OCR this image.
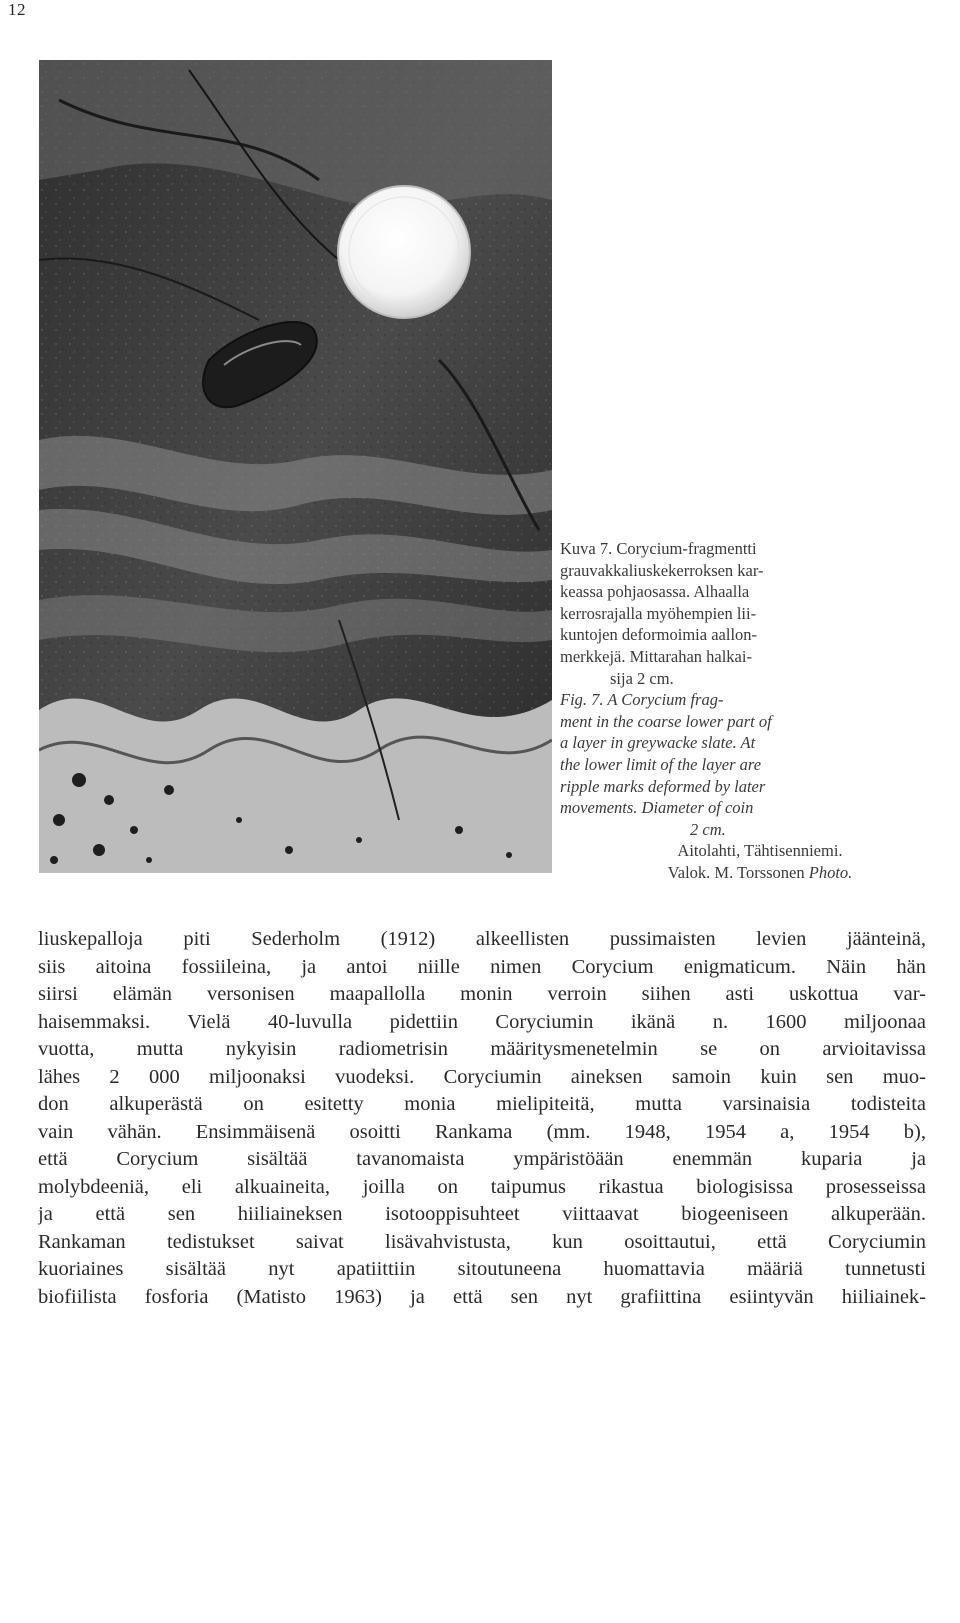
12

Kuva 7. Corycium-fragmentti
grauvakkaliuskekerroksen kar-
keassa pohjaosassa. Alhaalla
kerrosrajalla myöhempien lii-
kuntojen deformoimia aallon-
merkkejä. Mittarahan halkai-
sija 2 cm.

Fig. 7. A Corycium frag-
ment in the coarse lower part of
a layer in greywacke slate. At
the lower limit of the layer are
ripple marks deformed by later
movements. Diameter of coin
2 cm.

Aitolahti, Tähtisenniemi.
Valok. M. Torssonen Photo.

liuskepalloja piti Sederholm (1912) alkeellisten pussimaisten levien jäänteinä,
siis aitoina fossiileina, ja antoi niille nimen Corycium enigmaticum. Näin hän
siirsi elämän versonisen maapallolla monin verroin siihen asti uskottua var-
haisemmaksi. Vielä 40-luvulla pidettiin Coryciumin ikänä n. 1600 miljoonaa
vuotta, mutta nykyisin radiometrisin määritysmenetelmin se on arvioitavissa
lähes 2 000 miljoonaksi vuodeksi. Coryciumin aineksen samoin kuin sen muo-
don alkuperästä on esitetty monia mielipiteitä, mutta varsinaisia todisteita
vain vähän. Ensimmäisenä osoitti Rankama (mm. 1948, 1954 a, 1954 b),
että Corycium sisältää tavanomaista ympäristöään enemmän kuparia ja
molybdeeniä, eli alkuaineita, joilla on taipumus rikastua biologisissa prosesseissa
ja että sen hiiliaineksen isotooppisuhteet viittaavat biogeeniseen alkuperään.
Rankaman tedistukset saivat lisävahvistusta, kun osoittautui, että Coryciumin
kuoriaines sisältää nyt apatiittiin sitoutuneena huomattavia määriä tunnetusti
biofiilista fosforia (Matisto 1963) ja että sen nyt grafiittina esiintyvän hiiliainek-
